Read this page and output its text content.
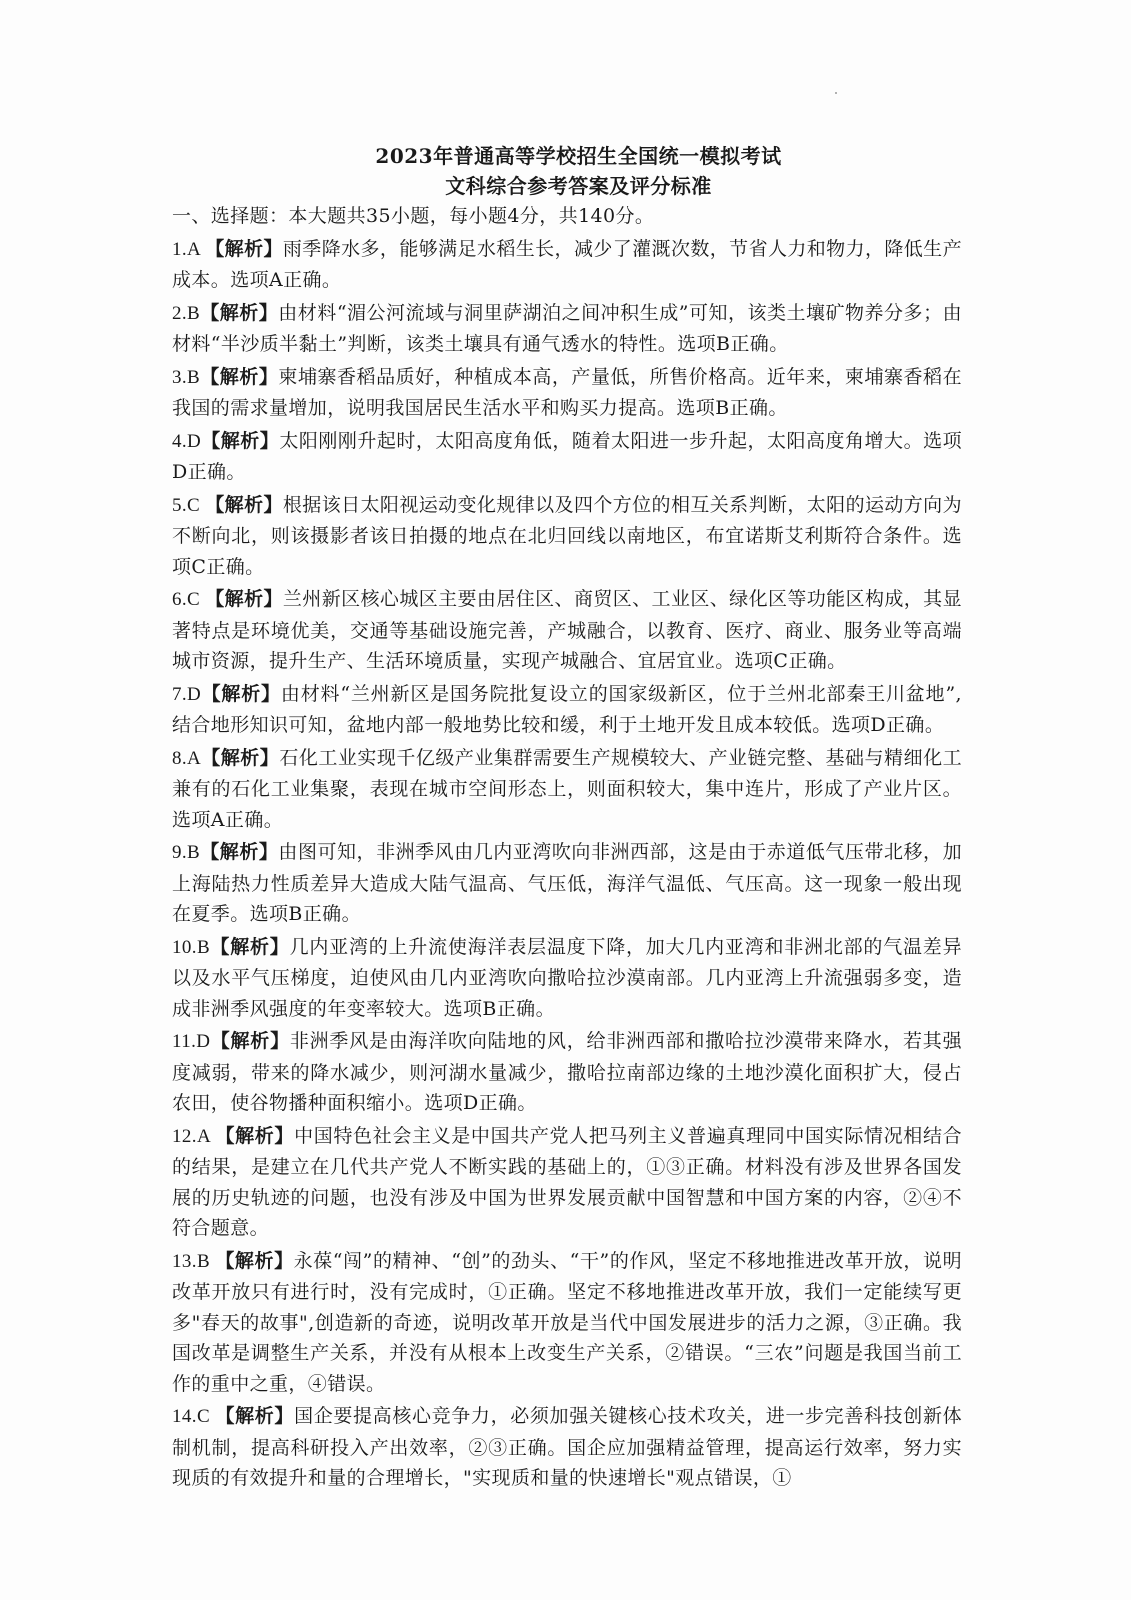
2023年普通高等学校招生全国统一模拟考试
文科综合参考答案及评分标准
一、选择题：本大题共35小题，每小题4分，共140分。
1.A 【解析】雨季降水多，能够满足水稻生长，减少了灌溉次数，节省人力和物力，降低生产成本。选项A正确。
2.B【解析】由材料“湄公河流域与洞里萨湖泊之间冲积生成”可知，该类土壤矿物养分多；由材料“半沙质半黏土”判断，该类土壤具有通气透水的特性。选项B正确。
3.B【解析】柬埔寨香稻品质好，种植成本高，产量低，所售价格高。近年来，柬埔寨香稻在我国的需求量增加，说明我国居民生活水平和购买力提高。选项B正确。
4.D【解析】太阳刚刚升起时，太阳高度角低，随着太阳进一步升起，太阳高度角增大。选项D正确。
5.C 【解析】根据该日太阳视运动变化规律以及四个方位的相互关系判断，太阳的运动方向为不断向北，则该摄影者该日拍摄的地点在北归回线以南地区，布宜诺斯艾利斯符合条件。选项C正确。
6.C 【解析】兰州新区核心城区主要由居住区、商贸区、工业区、绿化区等功能区构成，其显著特点是环境优美，交通等基础设施完善，产城融合，以教育、医疗、商业、服务业等高端城市资源，提升生产、生活环境质量，实现产城融合、宜居宜业。选项C正确。
7.D【解析】由材料“兰州新区是国务院批复设立的国家级新区，位于兰州北部秦王川盆地”,结合地形知识可知，盆地内部一般地势比较和缓，利于土地开发且成本较低。选项D正确。
8.A【解析】石化工业实现千亿级产业集群需要生产规模较大、产业链完整、基础与精细化工兼有的石化工业集聚，表现在城市空间形态上，则面积较大，集中连片，形成了产业片区。选项A正确。
9.B【解析】由图可知，非洲季风由几内亚湾吹向非洲西部，这是由于赤道低气压带北移，加上海陆热力性质差异大造成大陆气温高、气压低，海洋气温低、气压高。这一现象一般出现在夏季。选项B正确。
10.B【解析】几内亚湾的上升流使海洋表层温度下降，加大几内亚湾和非洲北部的气温差异以及水平气压梯度，迫使风由几内亚湾吹向撒哈拉沙漠南部。几内亚湾上升流强弱多变，造成非洲季风强度的年变率较大。选项B正确。
11.D【解析】非洲季风是由海洋吹向陆地的风，给非洲西部和撒哈拉沙漠带来降水，若其强度减弱，带来的降水减少，则河湖水量减少，撒哈拉南部边缘的土地沙漠化面积扩大，侵占农田，使谷物播种面积缩小。选项D正确。
12.A 【解析】中国特色社会主义是中国共产党人把马列主义普遍真理同中国实际情况相结合的结果，是建立在几代共产党人不断实践的基础上的，①③正确。材料没有涉及世界各国发展的历史轨迹的问题，也没有涉及中国为世界发展贡献中国智慧和中国方案的内容，②④不符合题意。
13.B 【解析】永葆“闯”的精神、“创”的劲头、“干”的作风，坚定不移地推进改革开放，说明改革开放只有进行时，没有完成时，①正确。坚定不移地推进改革开放，我们一定能续写更多"春天的故事",创造新的奇迹，说明改革开放是当代中国发展进步的活力之源，③正确。我国改革是调整生产关系，并没有从根本上改变生产关系，②错误。“三农”问题是我国当前工作的重中之重，④错误。
14.C 【解析】国企要提高核心竞争力，必须加强关键核心技术攻关，进一步完善科技创新体制机制，提高科研投入产出效率，②③正确。国企应加强精益管理，提高运行效率，努力实现质的有效提升和量的合理增长，"实现质和量的快速增长"观点错误，①
